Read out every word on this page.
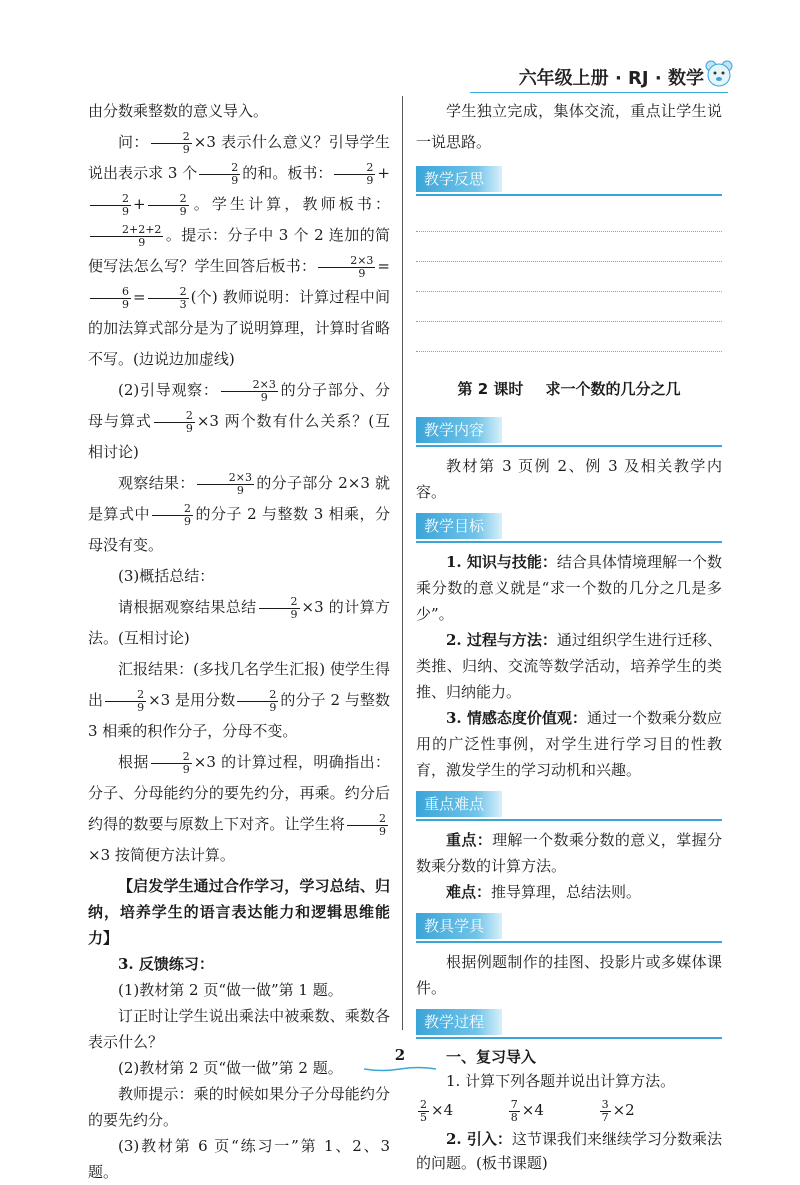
六年级上册 · RJ · 数学

由分数乘整数的意义导入。

问： $\frac{2}{9} \times 3$ 表示什么意义？引导学生说出表示求 3 个 $\frac{2}{9}$ 的和。板书： $\frac{2}{9}$ +
$\frac{2}{9} + \frac{2}{9}$ 。学生计算，教师板书：
$\frac{2+2+2}{9}$ 。提示：分子中 3 个 2 连加的简便写法怎么写？学生回答后板书： $\frac{2\times 3}{9}$ =
$\frac{6}{9} = \frac{2}{3}$ (个) 教师说明：计算过程中间的加法算式部分是为了说明算理，计算时省略不写。(边说边加虚线)

(2)引导观察： $\frac{2\times 3}{9}$ 的分子部分、分母与算式 $\frac{2}{9} \times 3$ 两个数有什么关系？(互相讨论)

观察结果： $\frac{2\times 3}{9}$ 的分子部分 2×3 就是算式中 $\frac{2}{9}$ 的分子 2 与整数 3 相乘，分母没有变。

(3)概括总结：

请根据观察结果总结 $\frac{2}{9} \times 3$ 的计算方法。(互相讨论)

汇报结果：(多找几名学生汇报) 使学生得出 $\frac{2}{9} \times 3$ 是用分数 $\frac{2}{9}$ 的分子 2 与整数 3 相乘的积作分子，分母不变。

根据 $\frac{2}{9} \times 3$ 的计算过程，明确指出：分子、分母能约分的要先约分，再乘。约分后约得的数要与原数上下对齐。让学生将 $\frac{2}{9}$
×3 按简便方法计算。

【启发学生通过合作学习，学习总结、归纳，培养学生的语言表达能力和逻辑思维能力】

3. 反馈练习：

(1)教材第 2 页“做一做”第 1 题。

订正时让学生说出乘法中被乘数、乘数各表示什么？

(2)教材第 2 页“做一做”第 2 题。

教师提示：乘的时候如果分子分母能约分的要先约分。

(3)教材第 6 页“练习一”第 1、2、3 题。

学生独立完成，集体交流，重点让学生说一说思路。

教学反思
第 2 课时 求一个数的几分之几
教学内容

教材第 3 页例 2、例 3 及相关教学内容。

教学目标

1. 知识与技能：结合具体情境理解一个数乘分数的意义就是“求一个数的几分之几是多少”。

2. 过程与方法：通过组织学生进行迁移、类推、归纳、交流等数学活动，培养学生的类推、归纳能力。

3. 情感态度价值观：通过一个数乘分数应用的广泛性事例，对学生进行学习目的性教育，激发学生的学习动机和兴趣。

重点难点

重点：理解一个数乘分数的意义，掌握分数乘分数的计算方法。

难点：推导算理，总结法则。

教具学具

根据例题制作的挂图、投影片或多媒体课件。

教学过程

一、复习导入

1. 计算下列各题并说出计算方法。

$\frac{2}{5} \times 4$	$\frac{7}{8} \times 4$	$\frac{3}{7} \times 2$

2. 引入：这节课我们来继续学习分数乘法的问题。(板书课题)

2
